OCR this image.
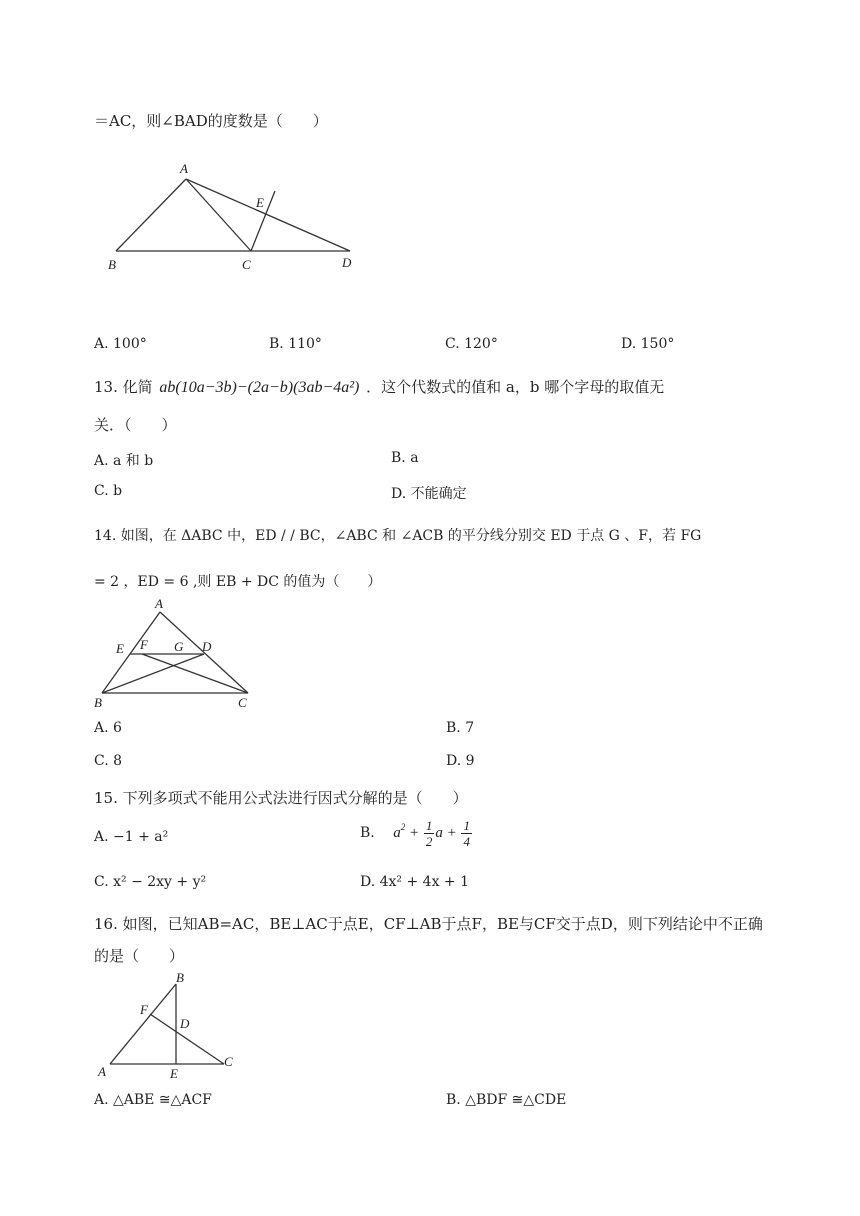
＝AC，则∠BAD的度数是（　　）
A
E
B	C	D
A. 100°	B. 110°	C. 120°	D. 150°
13. 化简 ab(10a−3b)−(2a−b)(3ab−4a²) ．这个代数式的值和 a，b 哪个字母的取值无
关．（　　）
A. a 和 b	B. a
C. b	D. 不能确定
14. 如图，在 ΔABC 中，ED / / BC，∠ABC 和 ∠ACB 的平分线分别交 ED 于点 G 、F，若 FG
= 2 ，ED = 6 ,则 EB + DC 的值为（　　）
A
E F G D
B	C
A. 6	B. 7
C. 8	D. 9
15. 下列多项式不能用公式法进行因式分解的是（　　）
A. −1 + a²	B. $a^2 + \frac{1}{2}$ $a + \frac{1}{4}$
C. x² − 2xy + y²	D. 4x² + 4x + 1
16. 如图，已知AB=AC，BE⊥AC于点E，CF⊥AB于点F，BE与CF交于点D，则下列结论中不正确
的是（　　）
B
F
D
A	E
C
A. △ABE ≅△ACF	B. △BDF ≅△CDE
